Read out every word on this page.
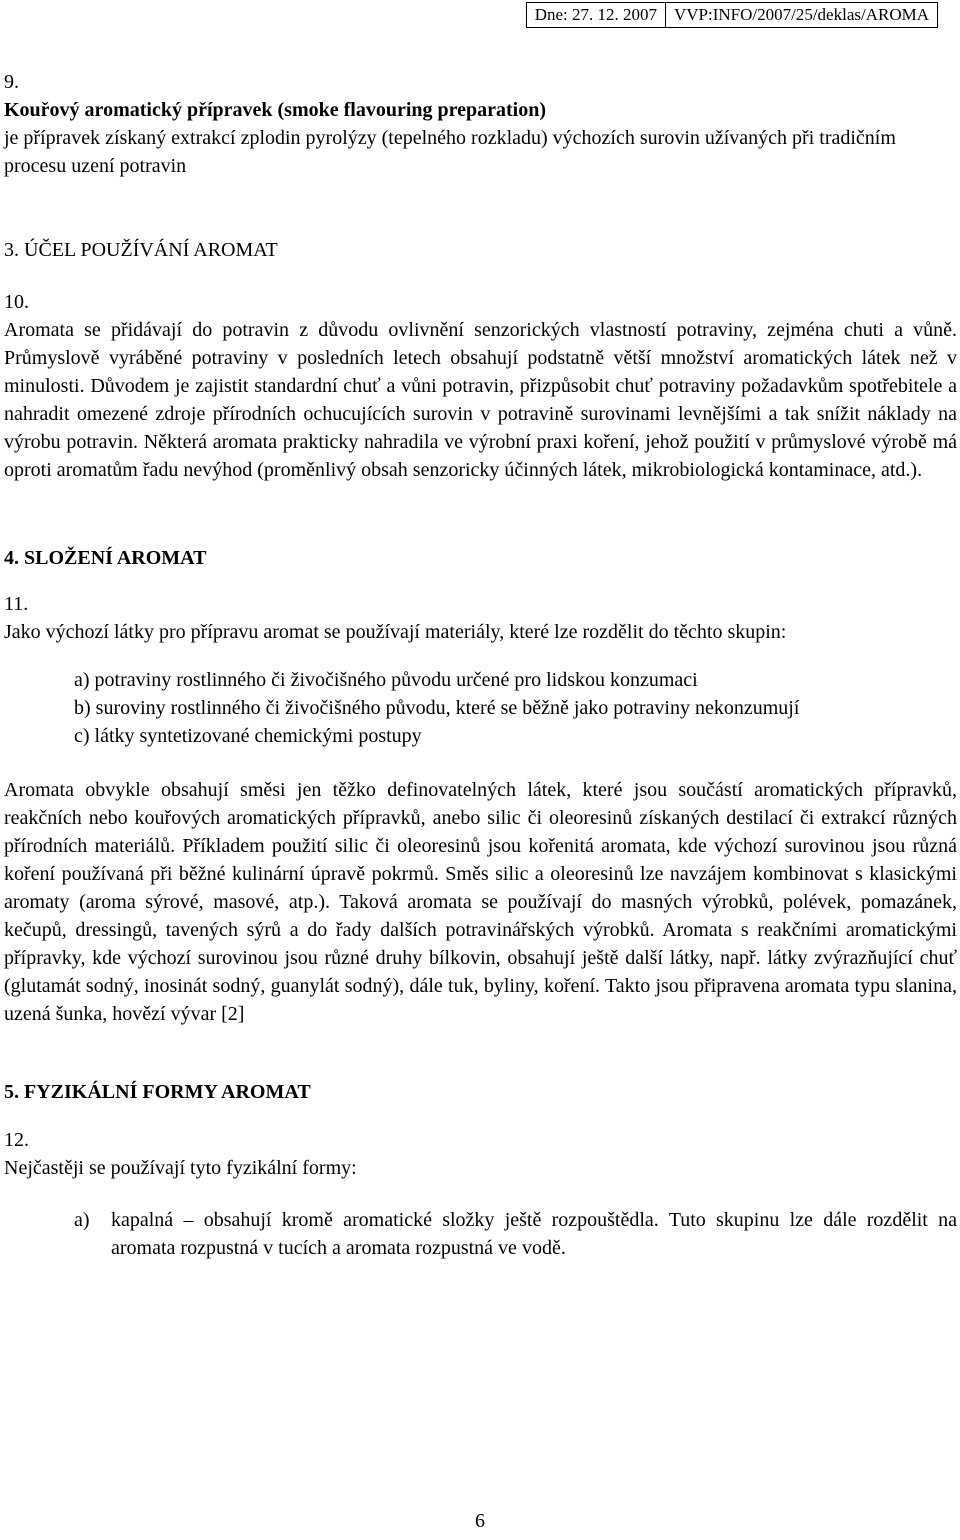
Dne: 27. 12. 2007	VVP:INFO/2007/25/deklas/AROMA

9.

Kouřový aromatický přípravek (smoke flavouring preparation)

je přípravek získaný extrakcí zplodin pyrolýzy (tepelného rozkladu) výchozích surovin užívaných při tradičním procesu uzení potravin

3. ÚČEL POUŽÍVÁNÍ AROMAT

10.

Aromata se přidávají do potravin z důvodu ovlivnění senzorických vlastností potraviny, zejména chuti a vůně. Průmyslově vyráběné potraviny v posledních letech obsahují podstatně větší množství aromatických látek než v minulosti. Důvodem je zajistit standardní chuť a vůni potravin, přizpůsobit chuť potraviny požadavkům spotřebitele a nahradit omezené zdroje přírodních ochucujících surovin v potravině surovinami levnějšími a tak snížit náklady na výrobu potravin. Některá aromata prakticky nahradila ve výrobní praxi koření, jehož použití v průmyslové výrobě má oproti aromatům řadu nevýhod (proměnlivý obsah senzoricky účinných látek, mikrobiologická kontaminace, atd.).

4. SLOŽENÍ AROMAT

11.

Jako výchozí látky pro přípravu aromat se používají materiály, které lze rozdělit do těchto skupin:

a) potraviny rostlinného či živočišného původu určené pro lidskou konzumaci
b) suroviny rostlinného či živočišného původu, které se běžně jako potraviny nekonzumují
c) látky syntetizované chemickými postupy

Aromata obvykle obsahují směsi jen těžko definovatelných látek, které jsou součástí aromatických přípravků, reakčních nebo kouřových aromatických přípravků, anebo silic či oleoresinů získaných destilací či extrakcí různých přírodních materiálů. Příkladem použití silic či oleoresinů jsou kořenitá aromata, kde výchozí surovinou jsou různá koření používaná při běžné kulinární úpravě pokrmů. Směs silic a oleoresinů lze navzájem kombinovat s klasickými aromaty (aroma sýrové, masové, atp.). Taková aromata se používají do masných výrobků, polévek, pomazánek, kečupů, dressingů, tavených sýrů a do řady dalších potravinářských výrobků. Aromata s reakčními aromatickými přípravky, kde výchozí surovinou jsou různé druhy bílkovin, obsahují ještě další látky, např. látky zvýrazňující chuť (glutamát sodný, inosinát sodný, guanylát sodný), dále tuk, byliny, koření. Takto jsou připravena aromata typu slanina, uzená šunka, hovězí vývar [2]

5. FYZIKÁLNÍ FORMY AROMAT

12.

Nejčastěji se používají tyto fyzikální formy:

a)	kapalná – obsahují kromě aromatické složky ještě rozpouštědla. Tuto skupinu lze dále rozdělit na aromata rozpustná v tucích a aromata rozpustná ve vodě.
6
